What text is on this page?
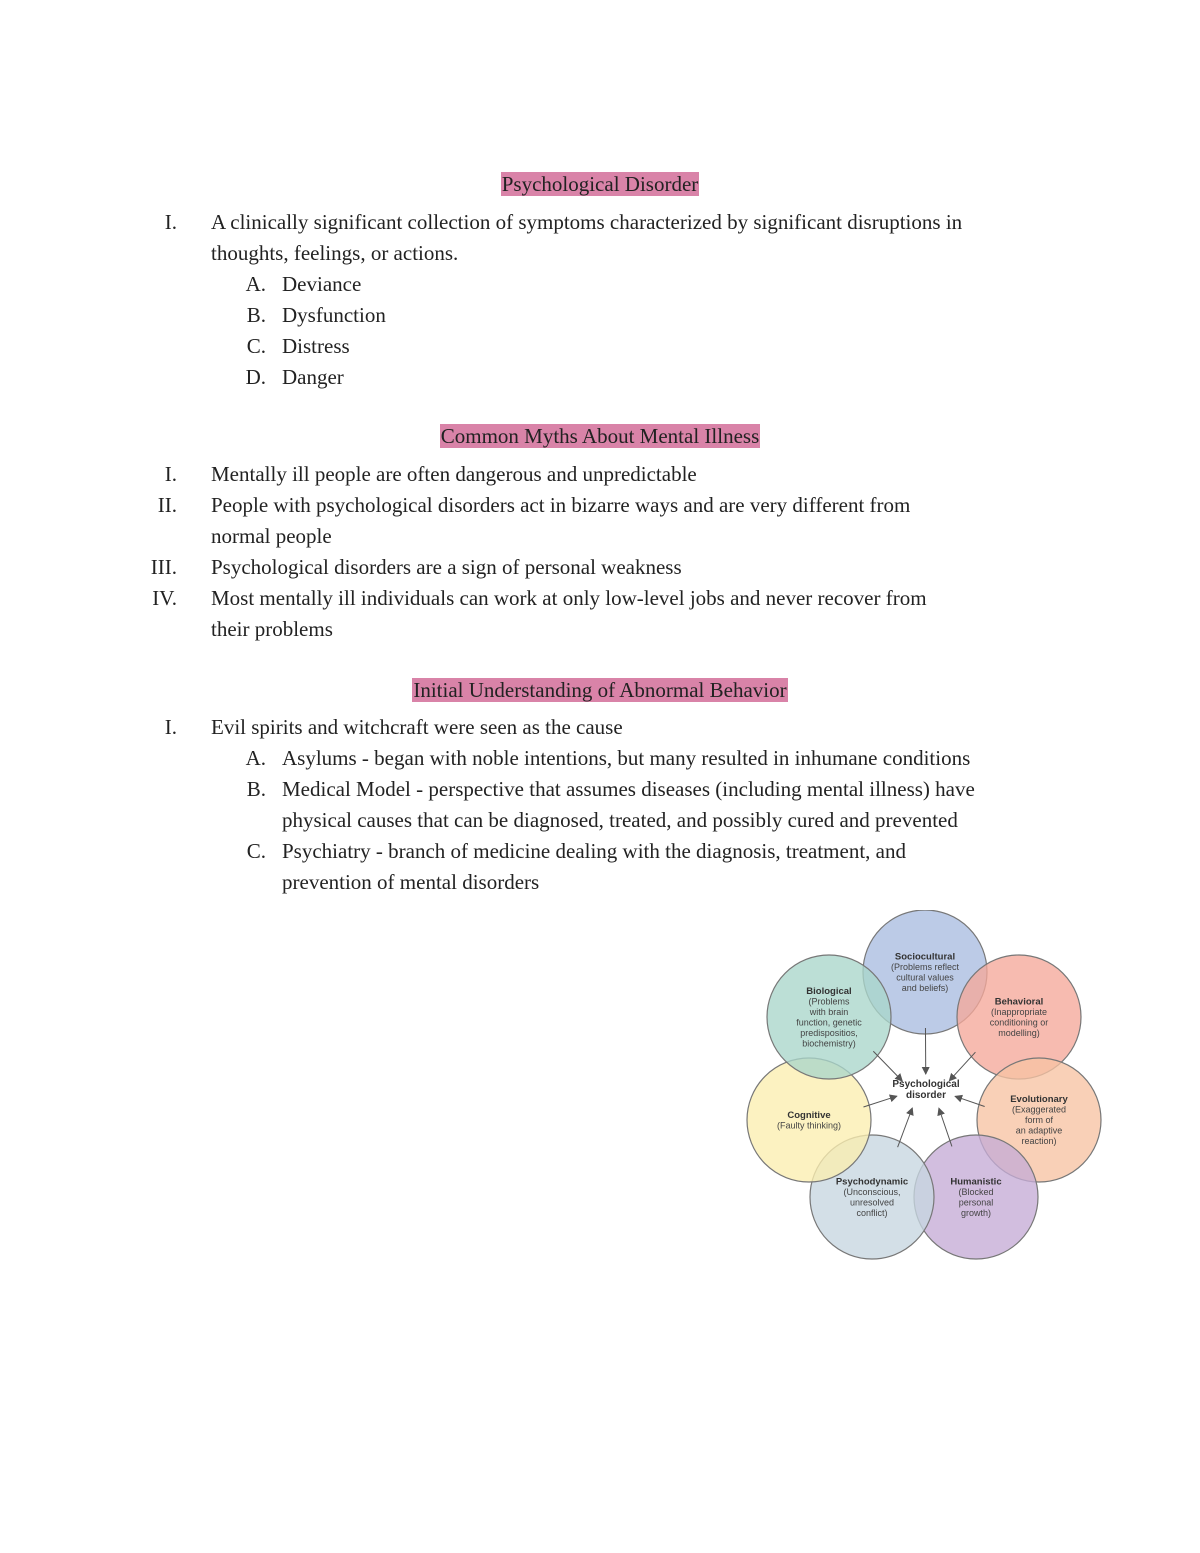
Psychological Disorder
I. A clinically significant collection of symptoms characterized by significant disruptions in
thoughts, feelings, or actions.
A. Deviance
B. Dysfunction
C. Distress
D. Danger
Common Myths About Mental Illness
I. Mentally ill people are often dangerous and unpredictable
II. People with psychological disorders act in bizarre ways and are very different from
normal people
III. Psychological disorders are a sign of personal weakness
IV. Most mentally ill individuals can work at only low-level jobs and never recover from
their problems
Initial Understanding of Abnormal Behavior
I. Evil spirits and witchcraft were seen as the cause
A. Asylums - began with noble intentions, but many resulted in inhumane conditions
B. Medical Model - perspective that assumes diseases (including mental illness) have
physical causes that can be diagnosed, treated, and possibly cured and prevented
C. Psychiatry - branch of medicine dealing with the diagnosis, treatment, and
prevention of mental disorders
Sociocultural
(Problems reflect
cultural values
and beliefs)
Behavioral
(Inappropriate
conditioning or
modelling)
Evolutionary
(Exaggerated
form of
an adaptive
reaction)
Humanistic
(Blocked
personal
growth)
Psychodynamic
(Unconscious,
unresolved
conflict)
Cognitive
(Faulty thinking)
Biological
(Problems
with brain
function, genetic
predispositios,
biochemistry)
Psychological
disorder
